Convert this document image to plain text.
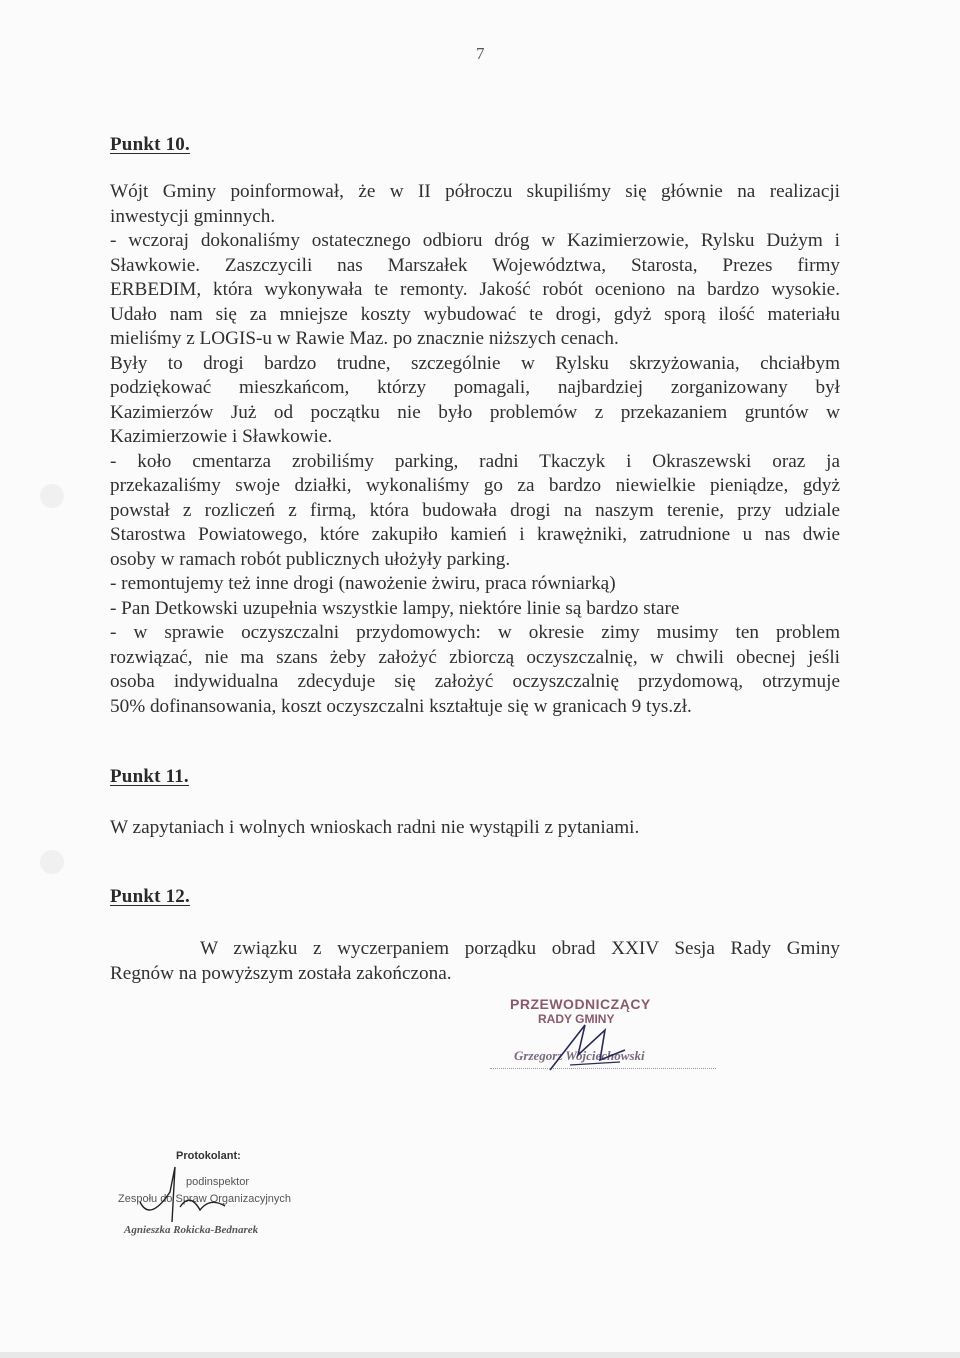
7
Punkt 10.
Wójt Gminy poinformował, że w II półroczu skupiliśmy się głównie na realizacji
inwestycji gminnych.
- wczoraj dokonaliśmy ostatecznego odbioru dróg w Kazimierzowie, Rylsku Dużym i
Sławkowie. Zaszczycili nas Marszałek Województwa, Starosta, Prezes firmy
ERBEDIM, która wykonywała te remonty. Jakość robót oceniono na bardzo wysokie.
Udało nam się za mniejsze koszty wybudować te drogi, gdyż sporą ilość materiału
mieliśmy z LOGIS-u w Rawie Maz. po znacznie niższych cenach.
Były to drogi bardzo trudne, szczególnie w Rylsku skrzyżowania, chciałbym
podziękować mieszkańcom, którzy pomagali, najbardziej zorganizowany był
Kazimierzów Już od początku nie było problemów z przekazaniem gruntów w
Kazimierzowie i Sławkowie.
- koło cmentarza zrobiliśmy parking, radni Tkaczyk i Okraszewski oraz ja
przekazaliśmy swoje działki, wykonaliśmy go za bardzo niewielkie pieniądze, gdyż
powstał z rozliczeń z firmą, która budowała drogi na naszym terenie, przy udziale
Starostwa Powiatowego, które zakupiło kamień i krawężniki, zatrudnione u nas dwie
osoby w ramach robót publicznych ułożyły parking.
- remontujemy też inne drogi (nawożenie żwiru, praca równiarką)
- Pan Detkowski uzupełnia wszystkie lampy, niektóre linie są bardzo stare
- w sprawie oczyszczalni przydomowych: w okresie zimy musimy ten problem
rozwiązać, nie ma szans żeby założyć zbiorczą oczyszczalnię, w chwili obecnej jeśli
osoba indywidualna zdecyduje się założyć oczyszczalnię przydomową, otrzymuje
50% dofinansowania, koszt oczyszczalni kształtuje się w granicach 9 tys.zł.
Punkt 11.
W zapytaniach i wolnych wnioskach radni nie wystąpili z pytaniami.
Punkt 12.
W związku z wyczerpaniem porządku obrad XXIV Sesja Rady Gminy
Regnów na powyższym została zakończona.
PRZEWODNICZĄCY
RADY GMINY
Grzegorz Wojciechowski
Protokolant:
podinspektor
Zespołu do Spraw Organizacyjnych
Agnieszka Rokicka-Bednarek
